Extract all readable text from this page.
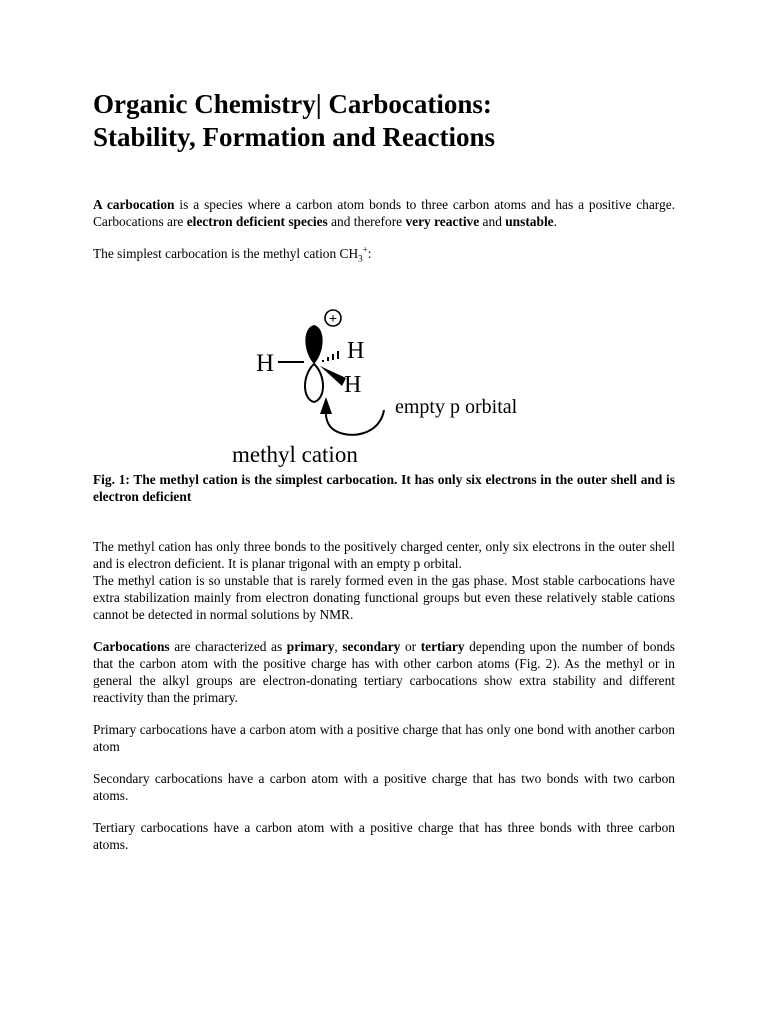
Organic Chemistry| Carbocations:
Stability, Formation and Reactions

A carbocation is a species where a carbon atom bonds to three carbon atoms and has a positive charge. Carbocations are electron deficient species and therefore very reactive and unstable.

The simplest carbocation is the methyl cation $CH_3^+$:

Fig. 1: The methyl cation is the simplest carbocation. It has only six electrons in the outer shell and is electron deficient

The methyl cation has only three bonds to the positively charged center, only six electrons in the outer shell and is electron deficient. It is planar trigonal with an empty p orbital.

The methyl cation is so unstable that is rarely formed even in the gas phase. Most stable carbocations have extra stabilization mainly from electron donating functional groups but even these relatively stable cations cannot be detected in normal solutions by NMR.

Carbocations are characterized as primary, secondary or tertiary depending upon the number of bonds that the carbon atom with the positive charge has with other carbon atoms (Fig. 2). As the methyl or in general the alkyl groups are electron-donating tertiary carbocations show extra stability and different reactivity than the primary.

Primary carbocations have a carbon atom with a positive charge that has only one bond with another carbon atom

Secondary carbocations have a carbon atom with a positive charge that has two bonds with two carbon atoms.

Tertiary carbocations have a carbon atom with a positive charge that has three bonds with three carbon atoms.

H
+
H
H
empty p orbital
methyl cation
